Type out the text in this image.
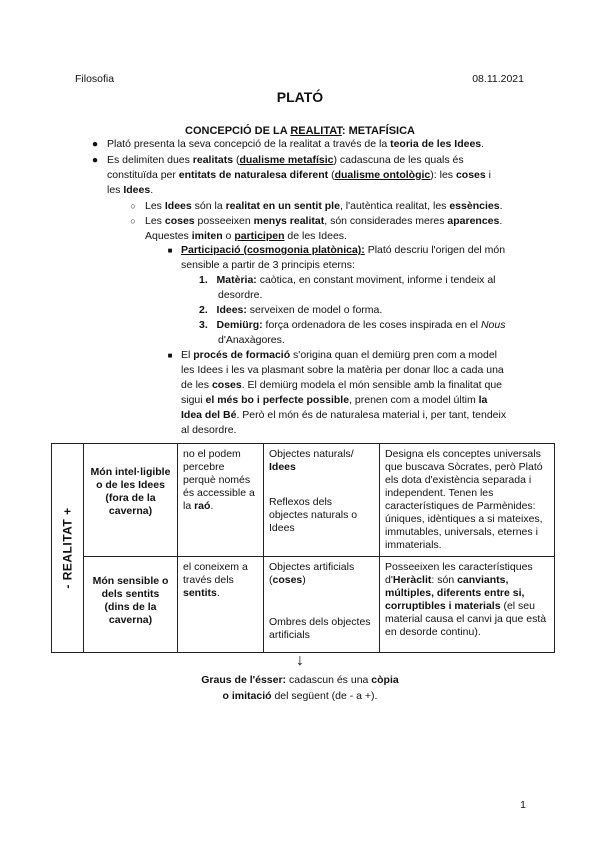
Filosofia	08.11.2021
PLATÓ
CONCEPCIÓ DE LA REALITAT: METAFÍSICA
● Plató presenta la seva concepció de la realitat a través de la teoria de les Idees.
● Es delimiten dues realitats (dualisme metafísic) cadascuna de les quals és
constituïda per entitats de naturalesa diferent (dualisme ontològic): les coses i
les Idees.
○ Les Idees són la realitat en un sentit ple, l'autèntica realitat, les essències.
○ Les coses posseeixen menys realitat, són considerades meres aparences.
Aquestes imiten o participen de les Idees.
■ Participació (cosmogonia platònica): Plató descriu l'origen del món
sensible a partir de 3 principis eterns:
1. Matèria: caòtica, en constant moviment, informe i tendeix al
desordre.
2. Idees: serveixen de model o forma.
3. Demiürg: força ordenadora de les coses inspirada en el Nous
d'Anaxàgores.
■ El procés de formació s'origina quan el demiürg pren com a model
les Idees i les va plasmant sobre la matèria per donar lloc a cada una
de les coses. El demiürg modela el món sensible amb la finalitat que
sigui el més bo i perfecte possible, prenen com a model últim la
Idea del Bé. Però el món és de naturalesa material i, per tant, tendeix
al desordre.
- REALITAT +	Món intel·ligible o de les Idees (fora de la caverna)	no el podem percebre perquè només és accessible a la raó.	Objectes naturals/ Idees
Reflexos dels objectes naturals o Idees	Designa els conceptes universals que buscava Sòcrates, però Plató els dota d'existència separada i independent. Tenen les característiques de Parmènides: úniques, idèntiques a si mateixes, immutables, universals, eternes i immaterials.
	Món sensible o dels sentits (dins de la caverna)	el coneixem a través dels sentits.	Objectes artificials (coses)
Ombres dels objectes artificials	Posseeixen les característiques d'Heràclit: són canviants, múltiples, diferents entre si, corruptibles i materials (el seu material causa el canvi ja que està en desorde continu).
↓
Graus de l'ésser: cadascun és una còpia
o imitació del següent (de - a +).
1
